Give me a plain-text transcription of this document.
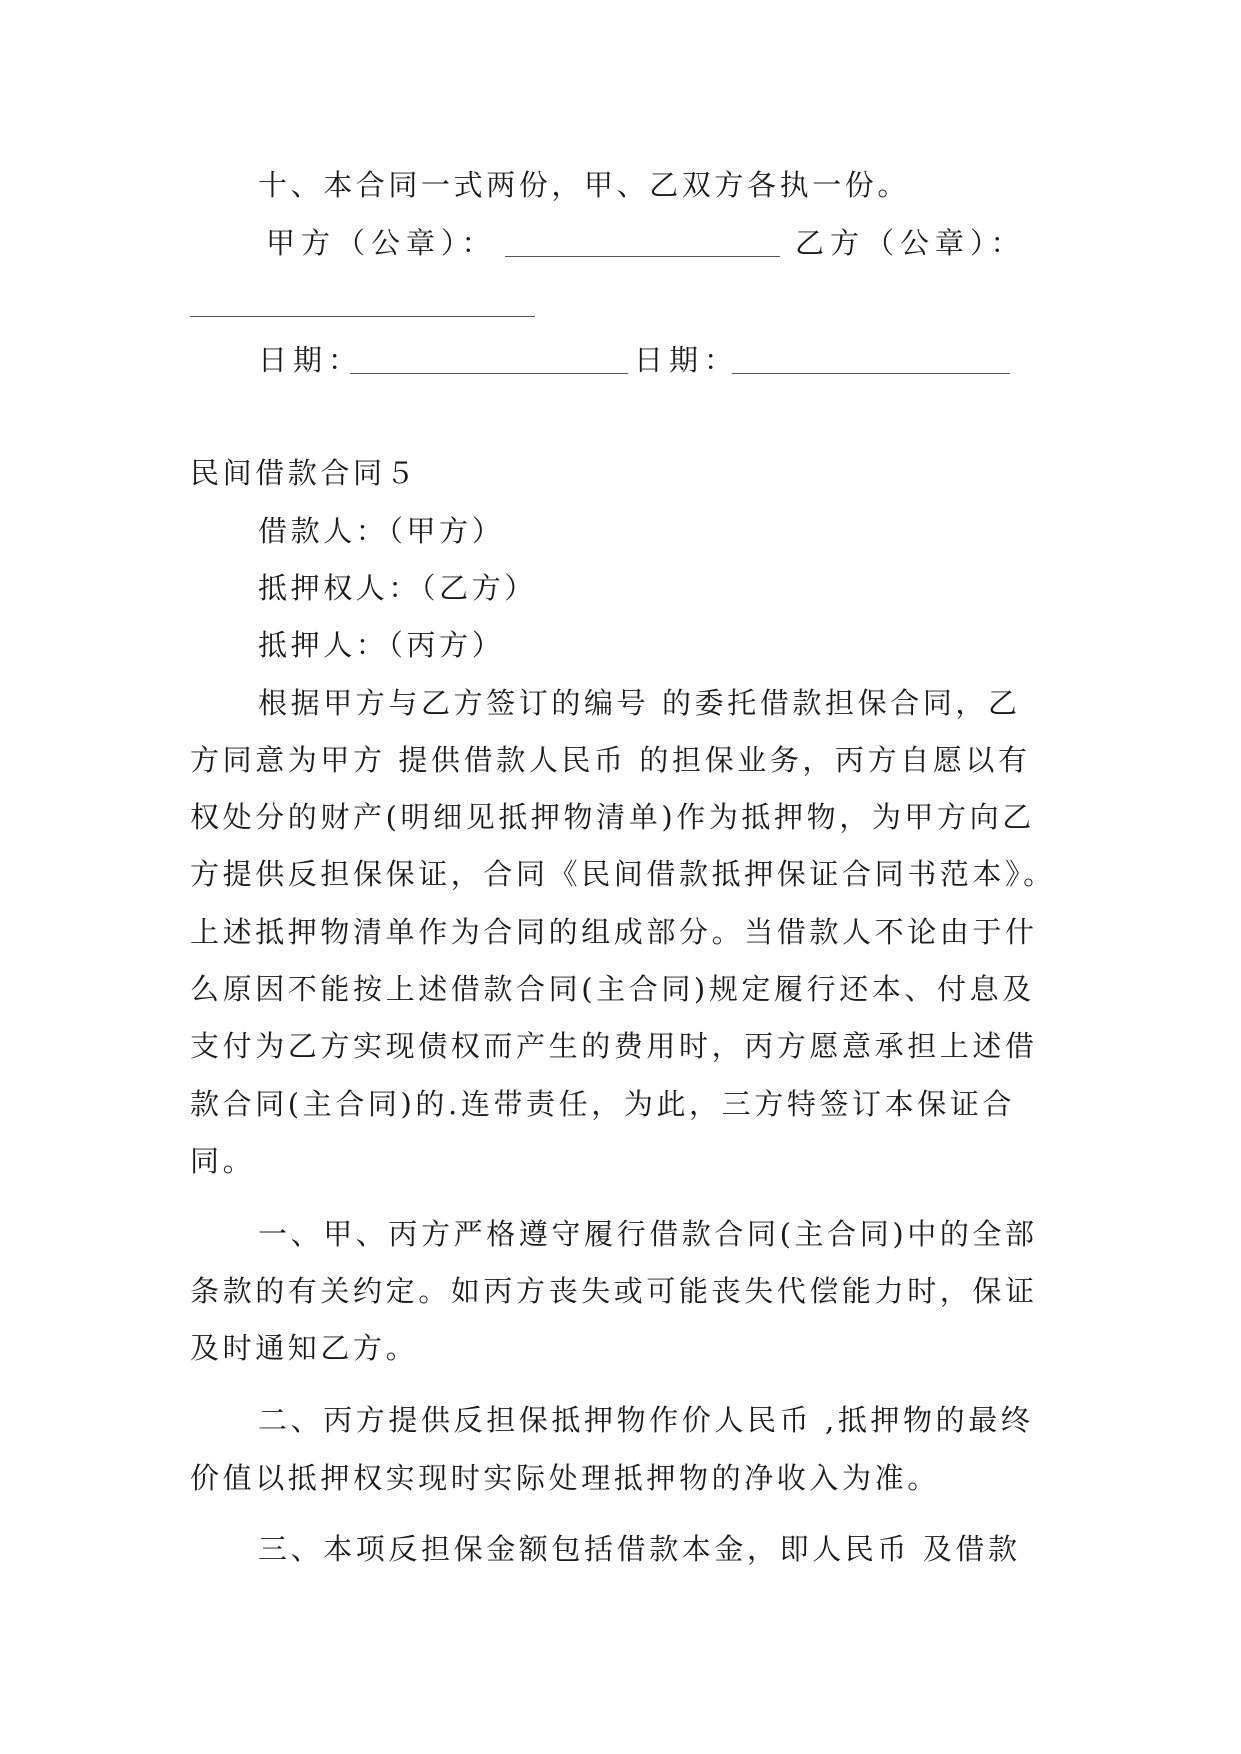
十、本合同一式两份，甲、乙双方各执一份。
甲方（公章）：	乙方（公章）：
日期：	日期：
民间借款合同５
借款人：（甲方）
抵押权人：（乙方）
抵押人：（丙方）
根据甲方与乙方签订的编号 的委托借款担保合同，乙
方同意为甲方 提供借款人民币 的担保业务，丙方自愿以有
权处分的财产(明细见抵押物清单)作为抵押物，为甲方向乙
方提供反担保保证，合同《民间借款抵押保证合同书范本》。
上述抵押物清单作为合同的组成部分。当借款人不论由于什
么原因不能按上述借款合同(主合同)规定履行还本、付息及
支付为乙方实现债权而产生的费用时，丙方愿意承担上述借
款合同(主合同)的.连带责任，为此，三方特签订本保证合
同。
一、甲、丙方严格遵守履行借款合同(主合同)中的全部
条款的有关约定。如丙方丧失或可能丧失代偿能力时，保证
及时通知乙方。
二、丙方提供反担保抵押物作价人民币 ,抵押物的最终
价值以抵押权实现时实际处理抵押物的净收入为准。
三、本项反担保金额包括借款本金，即人民币 及借款
